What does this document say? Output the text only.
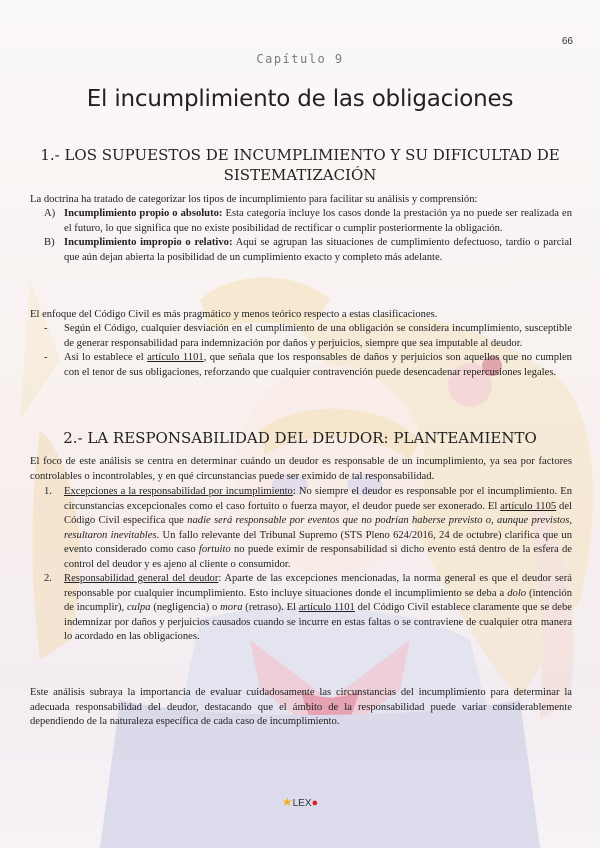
66
Capítulo 9
El incumplimiento de las obligaciones
1.- LOS SUPUESTOS DE INCUMPLIMIENTO Y SU DIFICULTAD DE
SISTEMATIZACIÓN

La doctrina ha tratado de categorizar los tipos de incumplimiento para facilitar su análisis y comprensión:

A) Incumplimiento propio o absoluto: Esta categoría incluye los casos donde la prestación ya no puede ser realizada en el futuro, lo que significa que no existe posibilidad de rectificar o cumplir posteriormente la obligación.
B) Incumplimiento impropio o relativo: Aquí se agrupan las situaciones de cumplimiento defectuoso, tardío o parcial que aún dejan abierta la posibilidad de un cumplimiento exacto y completo más adelante.

El enfoque del Código Civil es más pragmático y menos teórico respecto a estas clasificaciones.

- Según el Código, cualquier desviación en el cumplimiento de una obligación se considera incumplimiento, susceptible de generar responsabilidad para indemnización por daños y perjuicios, siempre que sea imputable al deudor.
- Así lo establece el artículo 1101, que señala que los responsables de daños y perjuicios son aquellos que no cumplen con el tenor de sus obligaciones, reforzando que cualquier contravención puede desencadenar repercusiones legales.
2.- LA RESPONSABILIDAD DEL DEUDOR: PLANTEAMIENTO

El foco de este análisis se centra en determinar cuándo un deudor es responsable de un incumplimiento, ya sea por factores controlables o incontrolables, y en qué circunstancias puede ser eximido de tal responsabilidad.

1. Excepciones a la responsabilidad por incumplimiento: No siempre el deudor es responsable por el incumplimiento. En circunstancias excepcionales como el caso fortuito o fuerza mayor, el deudor puede ser exonerado. El artículo 1105 del Código Civil especifica que nadie será responsable por eventos que no podrían haberse previsto o, aunque previstos, resultaron inevitables. Un fallo relevante del Tribunal Supremo (STS Pleno 624/2016, 24 de octubre) clarifica que un evento considerado como caso fortuito no puede eximir de responsabilidad si dicho evento está dentro de la esfera de control del deudor y es ajeno al cliente o consumidor.
2. Responsabilidad general del deudor: Aparte de las excepciones mencionadas, la norma general es que el deudor será responsable por cualquier incumplimiento. Esto incluye situaciones donde el incumplimiento se deba a dolo (intención de incumplir), culpa (negligencia) o mora (retraso). El artículo 1101 del Código Civil establece claramente que se debe indemnizar por daños y perjuicios causados cuando se incurre en estas faltas o se contraviene de cualquier otra manera lo acordado en las obligaciones.

Este análisis subraya la importancia de evaluar cuidadosamente las circunstancias del incumplimiento para determinar la adecuada responsabilidad del deudor, destacando que el ámbito de la responsabilidad puede variar considerablemente dependiendo de la naturaleza específica de cada caso de incumplimiento.

★LEX●
